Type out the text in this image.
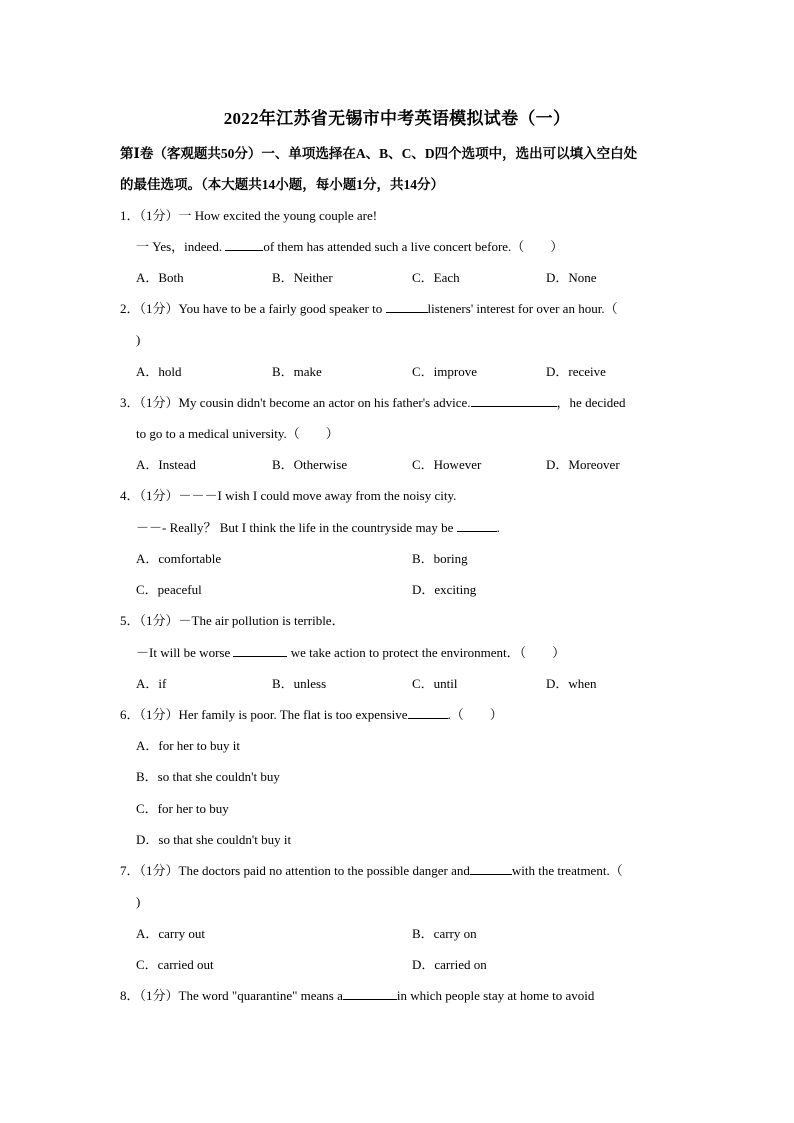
2022年江苏省无锡市中考英语模拟试卷（一）
第Ⅰ卷（客观题共50分）一、单项选择在A、B、C、D四个选项中，选出可以填入空白处
的最佳选项。（本大题共14小题，每小题1分，共14分）
1．（1分）一 How excited the young couple are!
一 Yes，indeed.	of them has attended such a live concert before.（　　）
A．Both	B．Neither	C．Each	D．None
2．（1分）You have to be a fairly good speaker to	listeners' interest for over an hour.（
)
A．hold	B．make	C．improve	D．receive
3．（1分）My cousin didn't become an actor on his father's advice.	，he decided
to go to a medical university.（　　）
A．Instead	B．Otherwise	C．However	D．Moreover
4．（1分）－－－I wish I could move away from the noisy city.
－－- Really？ But I think the life in the countryside may be	.
A．comfortable	B．boring
C．peaceful	D．exciting
5．（1分）－The air pollution is terrible．
－It will be worse	we take action to protect the environment．（　　）
A．if	B．unless	C．until	D．when
6．（1分）Her family is poor. The flat is too expensive	.（　　）
A．for her to buy it
B．so that she couldn't buy
C．for her to buy
D．so that she couldn't buy it
7．（1分）The doctors paid no attention to the possible danger and	with the treatment.（
)
A．carry out	B．carry on
C．carried out	D．carried on
8．（1分）The word "quarantine" means a	in which people stay at home to avoid
